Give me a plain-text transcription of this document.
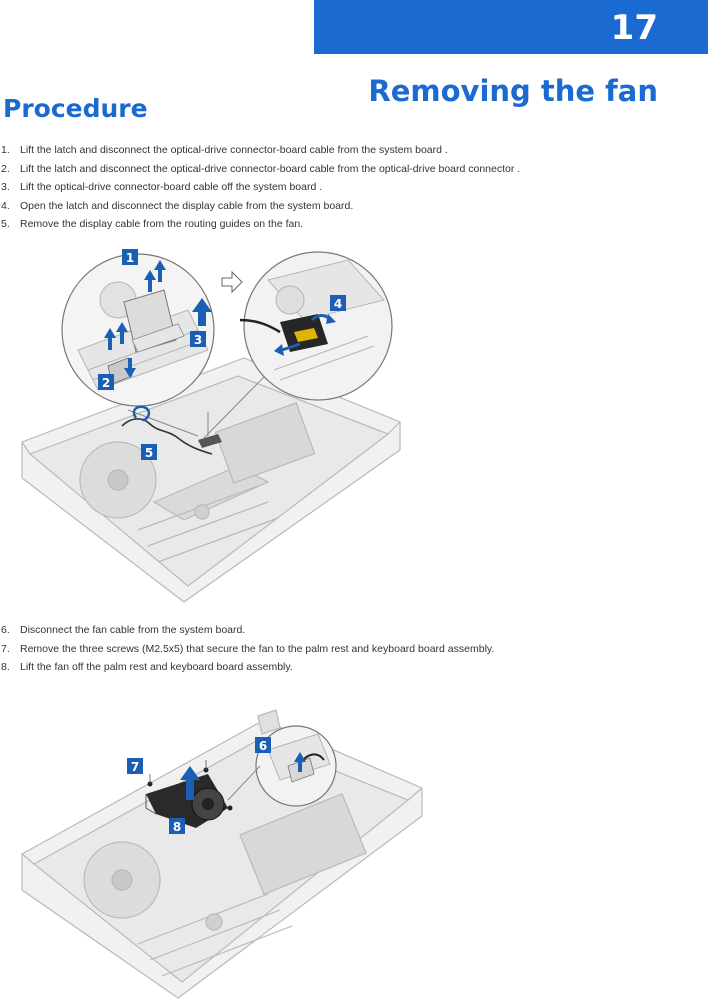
17
Removing the fan
Procedure
1. Lift the latch and disconnect the optical-drive connector-board cable from the system board .
2. Lift the latch and disconnect the optical-drive connector-board cable from the optical-drive board connector .
3. Lift the optical-drive connector-board cable off the system board .
4. Open the latch and disconnect the display cable from the system board.
5. Remove the display cable from the routing guides on the fan.
1
2
3
4
5
6. Disconnect the fan cable from the system board.
7. Remove the three screws (M2.5x5) that secure the fan to the palm rest and keyboard board assembly.
8. Lift the fan off the palm rest and keyboard board assembly.
6
7
8
